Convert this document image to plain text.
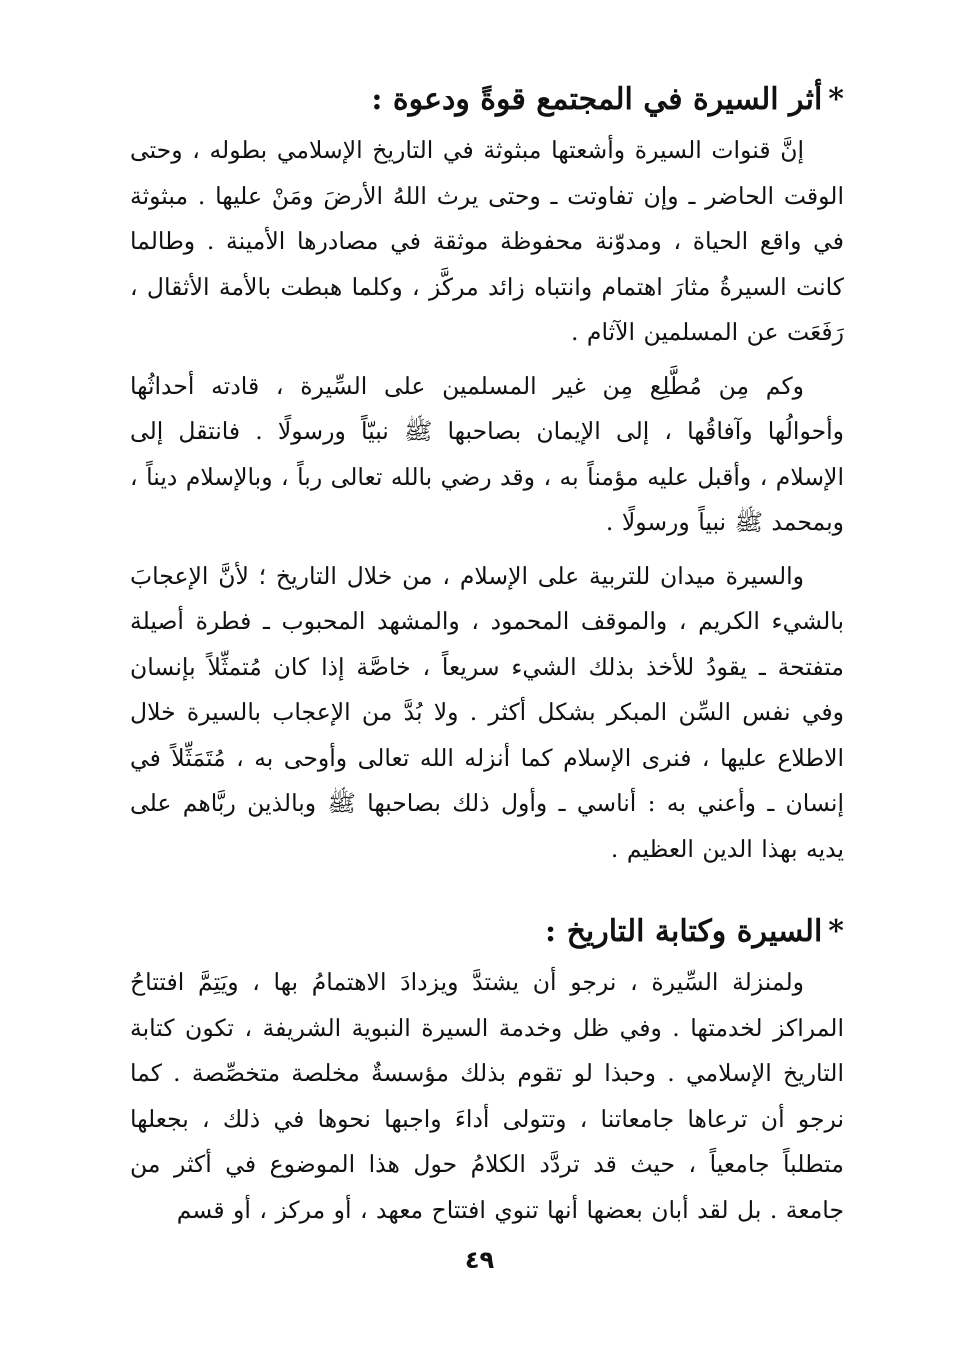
*أثر السيرة في المجتمع قوةً ودعوة :

إنَّ قنوات السيرة وأشعتها مبثوثة في التاريخ الإسلامي بطوله ، وحتى الوقت الحاضر ـ وإن تفاوتت ـ وحتى يرث اللهُ الأرضَ ومَنْ عليها . مبثوثة في واقع الحياة ، ومدوّنة محفوظة موثقة في مصادرها الأمينة . وطالما كانت السيرةُ مثارَ اهتمام وانتباه زائد مركَّز ، وكلما هبطت بالأمة الأثقال ، رَفَعَت عن المسلمين الآثام .

وكم مِن مُطَّلِع مِن غير المسلمين على السِّيرة ، قادته أحداثُها وأحوالُها وآفاقُها ، إلى الإيمان بصاحبها ﷺ نبيّاً ورسولًا . فانتقل إلى الإسلام ، وأقبل عليه مؤمناً به ، وقد رضي بالله تعالى رباً ، وبالإسلام ديناً ، وبمحمد ﷺ نبياً ورسولًا .

والسيرة ميدان للتربية على الإسلام ، من خلال التاريخ ؛ لأنَّ الإعجابَ بالشيء الكريم ، والموقف المحمود ، والمشهد المحبوب ـ فطرة أصيلة متفتحة ـ يقودُ للأخذ بذلك الشيء سريعاً ، خاصَّة إذا كان مُتمثِّلاً بإنسان وفي نفس السِّن المبكر بشكل أكثر . ولا بُدَّ من الإعجاب بالسيرة خلال الاطلاع عليها ، فنرى الإسلام كما أنزله الله تعالى وأوحى به ، مُتَمَثِّلاً في إنسان ـ وأعني به : أناسي ـ وأول ذلك بصاحبها ﷺ وبالذين ربَّاهم على يديه بهذا الدين العظيم .

*السيرة وكتابة التاريخ :

ولمنزلة السِّيرة ، نرجو أن يشتدَّ ويزدادَ الاهتمامُ بها ، ويَتِمَّ افتتاحُ المراكز لخدمتها . وفي ظل وخدمة السيرة النبوية الشريفة ، تكون كتابة التاريخ الإسلامي . وحبذا لو تقوم بذلك مؤسسةٌ مخلصة متخصِّصة . كما نرجو أن ترعاها جامعاتنا ، وتتولى أداءَ واجبها نحوها في ذلك ، بجعلها متطلباً جامعياً ، حيث قد تردَّد الكلامُ حول هذا الموضوع في أكثر من جامعة . بل لقد أبان بعضها أنها تنوي افتتاح معهد ، أو مركز ، أو قسم

٤٩
